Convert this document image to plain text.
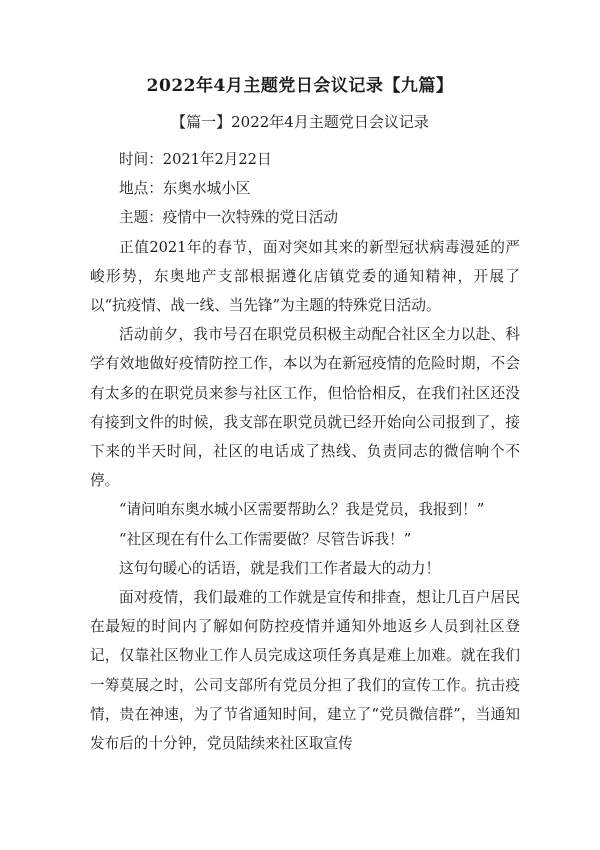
2022年4月主题党日会议记录【九篇】
【篇一】2022年4月主题党日会议记录

时间：2021年2月22日

地点：东奥水城小区

主题：疫情中一次特殊的党日活动

正值2021年的春节，面对突如其来的新型冠状病毒漫延的严峻形势，东奥地产支部根据遵化店镇党委的通知精神，开展了以“抗疫情、战一线、当先锋”为主题的特殊党日活动。

活动前夕，我市号召在职党员积极主动配合社区全力以赴、科学有效地做好疫情防控工作，本以为在新冠疫情的危险时期，不会有太多的在职党员来参与社区工作，但恰恰相反，在我们社区还没有接到文件的时候，我支部在职党员就已经开始向公司报到了，接下来的半天时间，社区的电话成了热线、负责同志的微信响个不停。

“请问咱东奥水城小区需要帮助么？我是党员，我报到！”

“社区现在有什么工作需要做？尽管告诉我！”

这句句暖心的话语，就是我们工作者最大的动力！

面对疫情，我们最难的工作就是宣传和排查，想让几百户居民在最短的时间内了解如何防控疫情并通知外地返乡人员到社区登记，仅靠社区物业工作人员完成这项任务真是难上加难。就在我们一筹莫展之时，公司支部所有党员分担了我们的宣传工作。抗击疫情，贵在神速，为了节省通知时间，建立了“党员微信群”，当通知发布后的十分钟，党员陆续来社区取宣传
